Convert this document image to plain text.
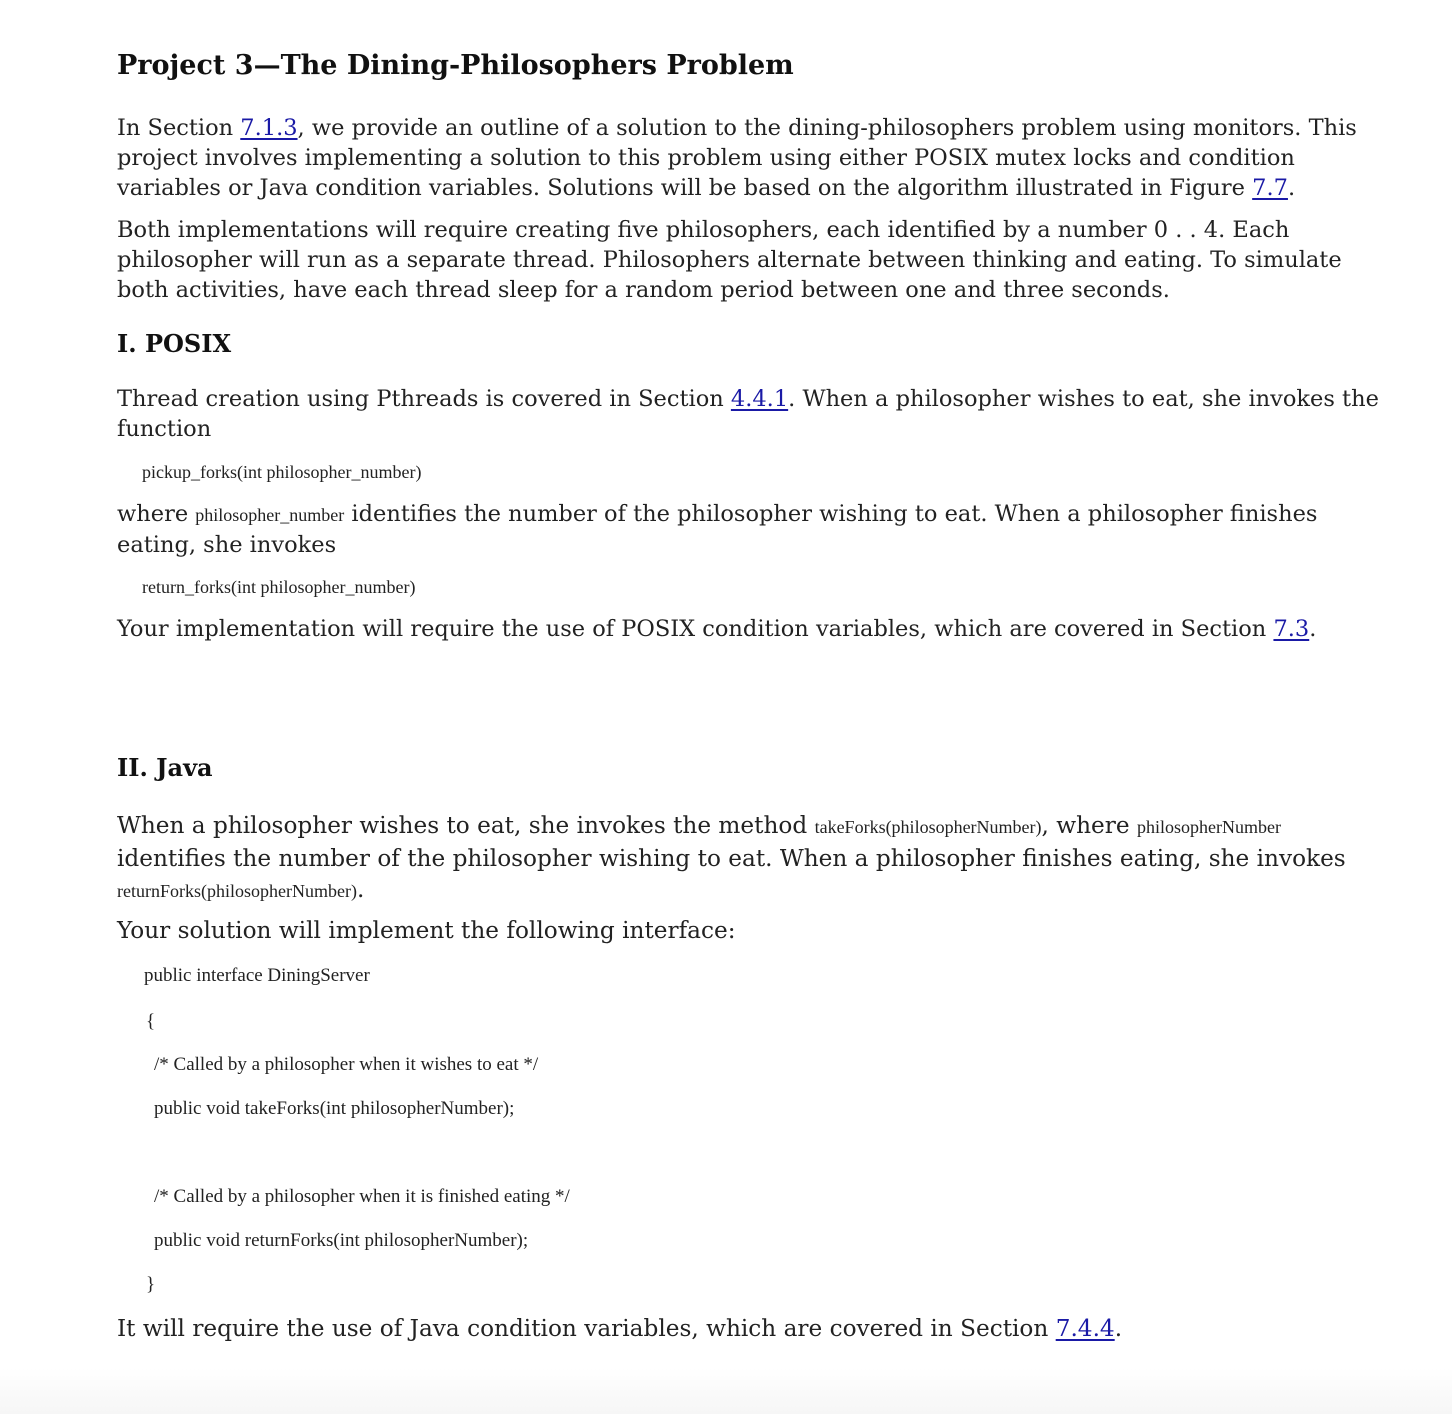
Project 3—The Dining-Philosophers Problem
In Section 7.1.3, we provide an outline of a solution to the dining-philosophers problem using monitors. This
project involves implementing a solution to this problem using either POSIX mutex locks and condition
variables or Java condition variables. Solutions will be based on the algorithm illustrated in Figure 7.7.
Both implementations will require creating five philosophers, each identified by a number 0 . . 4. Each
philosopher will run as a separate thread. Philosophers alternate between thinking and eating. To simulate
both activities, have each thread sleep for a random period between one and three seconds.
I. POSIX
Thread creation using Pthreads is covered in Section 4.4.1. When a philosopher wishes to eat, she invokes the
function
pickup_forks(int philosopher_number)
where philosopher_number identifies the number of the philosopher wishing to eat. When a philosopher finishes
eating, she invokes
return_forks(int philosopher_number)
Your implementation will require the use of POSIX condition variables, which are covered in Section 7.3.
II. Java
When a philosopher wishes to eat, she invokes the method takeForks(philosopherNumber), where philosopherNumber
identifies the number of the philosopher wishing to eat. When a philosopher finishes eating, she invokes
returnForks(philosopherNumber).
Your solution will implement the following interface:
public interface DiningServer
{
/* Called by a philosopher when it wishes to eat */
public void takeForks(int philosopherNumber);
/* Called by a philosopher when it is finished eating */
public void returnForks(int philosopherNumber);
}
It will require the use of Java condition variables, which are covered in Section 7.4.4.
